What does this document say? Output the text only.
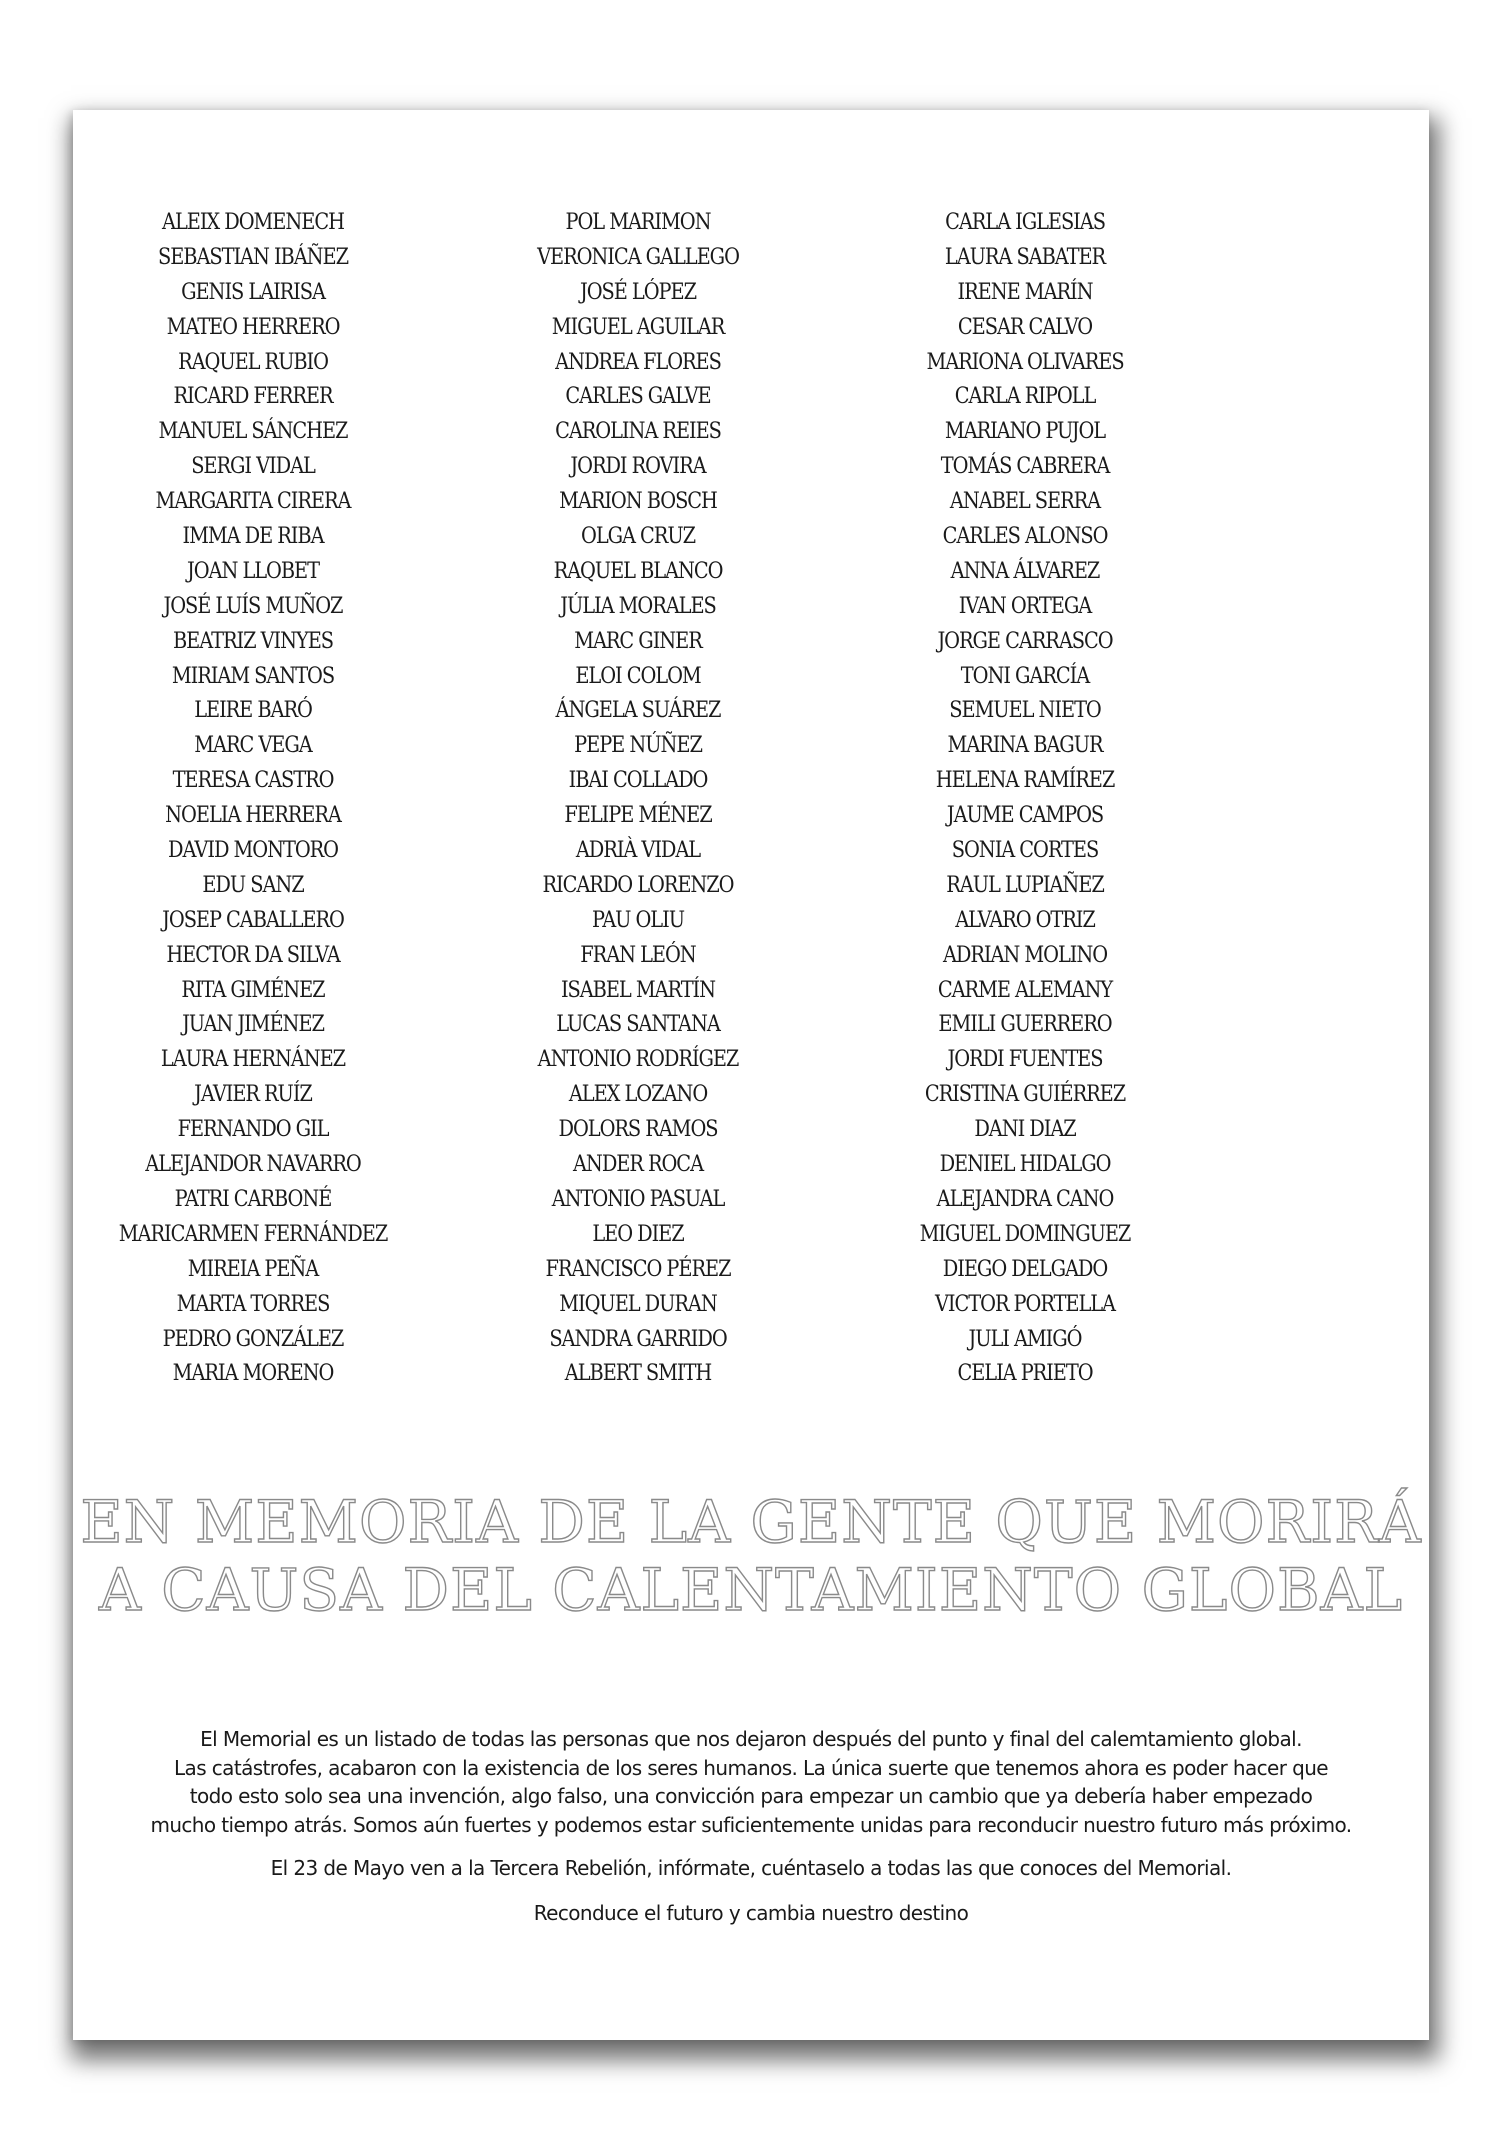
ALEIX DOMENECH
SEBASTIAN IBÁÑEZ
GENIS LAIRISA
MATEO HERRERO
RAQUEL RUBIO
RICARD FERRER
MANUEL SÁNCHEZ
SERGI VIDAL
MARGARITA CIRERA
IMMA DE RIBA
JOAN LLOBET
JOSÉ LUÍS MUÑOZ
BEATRIZ VINYES
MIRIAM SANTOS
LEIRE BARÓ
MARC VEGA
TERESA CASTRO
NOELIA HERRERA
DAVID MONTORO
EDU SANZ
JOSEP CABALLERO
HECTOR DA SILVA
RITA GIMÉNEZ
JUAN JIMÉNEZ
LAURA HERNÁNEZ
JAVIER RUÍZ
FERNANDO GIL
ALEJANDOR NAVARRO
PATRI CARBONÉ
MARICARMEN FERNÁNDEZ
MIREIA PEÑA
MARTA TORRES
PEDRO GONZÁLEZ
MARIA MORENO
POL MARIMON
VERONICA GALLEGO
JOSÉ LÓPEZ
MIGUEL AGUILAR
ANDREA FLORES
CARLES GALVE
CAROLINA REIES
JORDI ROVIRA
MARION BOSCH
OLGA CRUZ
RAQUEL BLANCO
JÚLIA MORALES
MARC GINER
ELOI COLOM
ÁNGELA SUÁREZ
PEPE NÚÑEZ
IBAI COLLADO
FELIPE MÉNEZ
ADRIÀ VIDAL
RICARDO LORENZO
PAU OLIU
FRAN LEÓN
ISABEL MARTÍN
LUCAS SANTANA
ANTONIO RODRÍGEZ
ALEX LOZANO
DOLORS RAMOS
ANDER ROCA
ANTONIO PASUAL
LEO DIEZ
FRANCISCO PÉREZ
MIQUEL DURAN
SANDRA GARRIDO
ALBERT SMITH
CARLA IGLESIAS
LAURA SABATER
IRENE MARÍN
CESAR CALVO
MARIONA OLIVARES
CARLA RIPOLL
MARIANO PUJOL
TOMÁS CABRERA
ANABEL SERRA
CARLES ALONSO
ANNA ÁLVAREZ
IVAN ORTEGA
JORGE CARRASCO
TONI GARCÍA
SEMUEL NIETO
MARINA BAGUR
HELENA RAMÍREZ
JAUME CAMPOS
SONIA CORTES
RAUL LUPIAÑEZ
ALVARO OTRIZ
ADRIAN MOLINO
CARME ALEMANY
EMILI GUERRERO
JORDI FUENTES
CRISTINA GUIÉRREZ
DANI DIAZ
DENIEL HIDALGO
ALEJANDRA CANO
MIGUEL DOMINGUEZ
DIEGO DELGADO
VICTOR PORTELLA
JULI AMIGÓ
CELIA PRIETO
EN MEMORIA DE LA GENTE QUE MORIRÁ
A CAUSA DEL CALENTAMIENTO GLOBAL

El Memorial es un listado de todas las personas que nos dejaron después del punto y final del calemtamiento global.

Las catástrofes, acabaron con la existencia de los seres humanos. La única suerte que tenemos ahora es poder hacer que

todo esto solo sea una invención, algo falso, una convicción para empezar un cambio que ya debería haber empezado

mucho tiempo atrás. Somos aún fuertes y podemos estar suficientemente unidas para reconducir nuestro futuro más próximo.

El 23 de Mayo ven a la Tercera Rebelión, infórmate, cuéntaselo a todas las que conoces del Memorial.

Reconduce el futuro y cambia nuestro destino
